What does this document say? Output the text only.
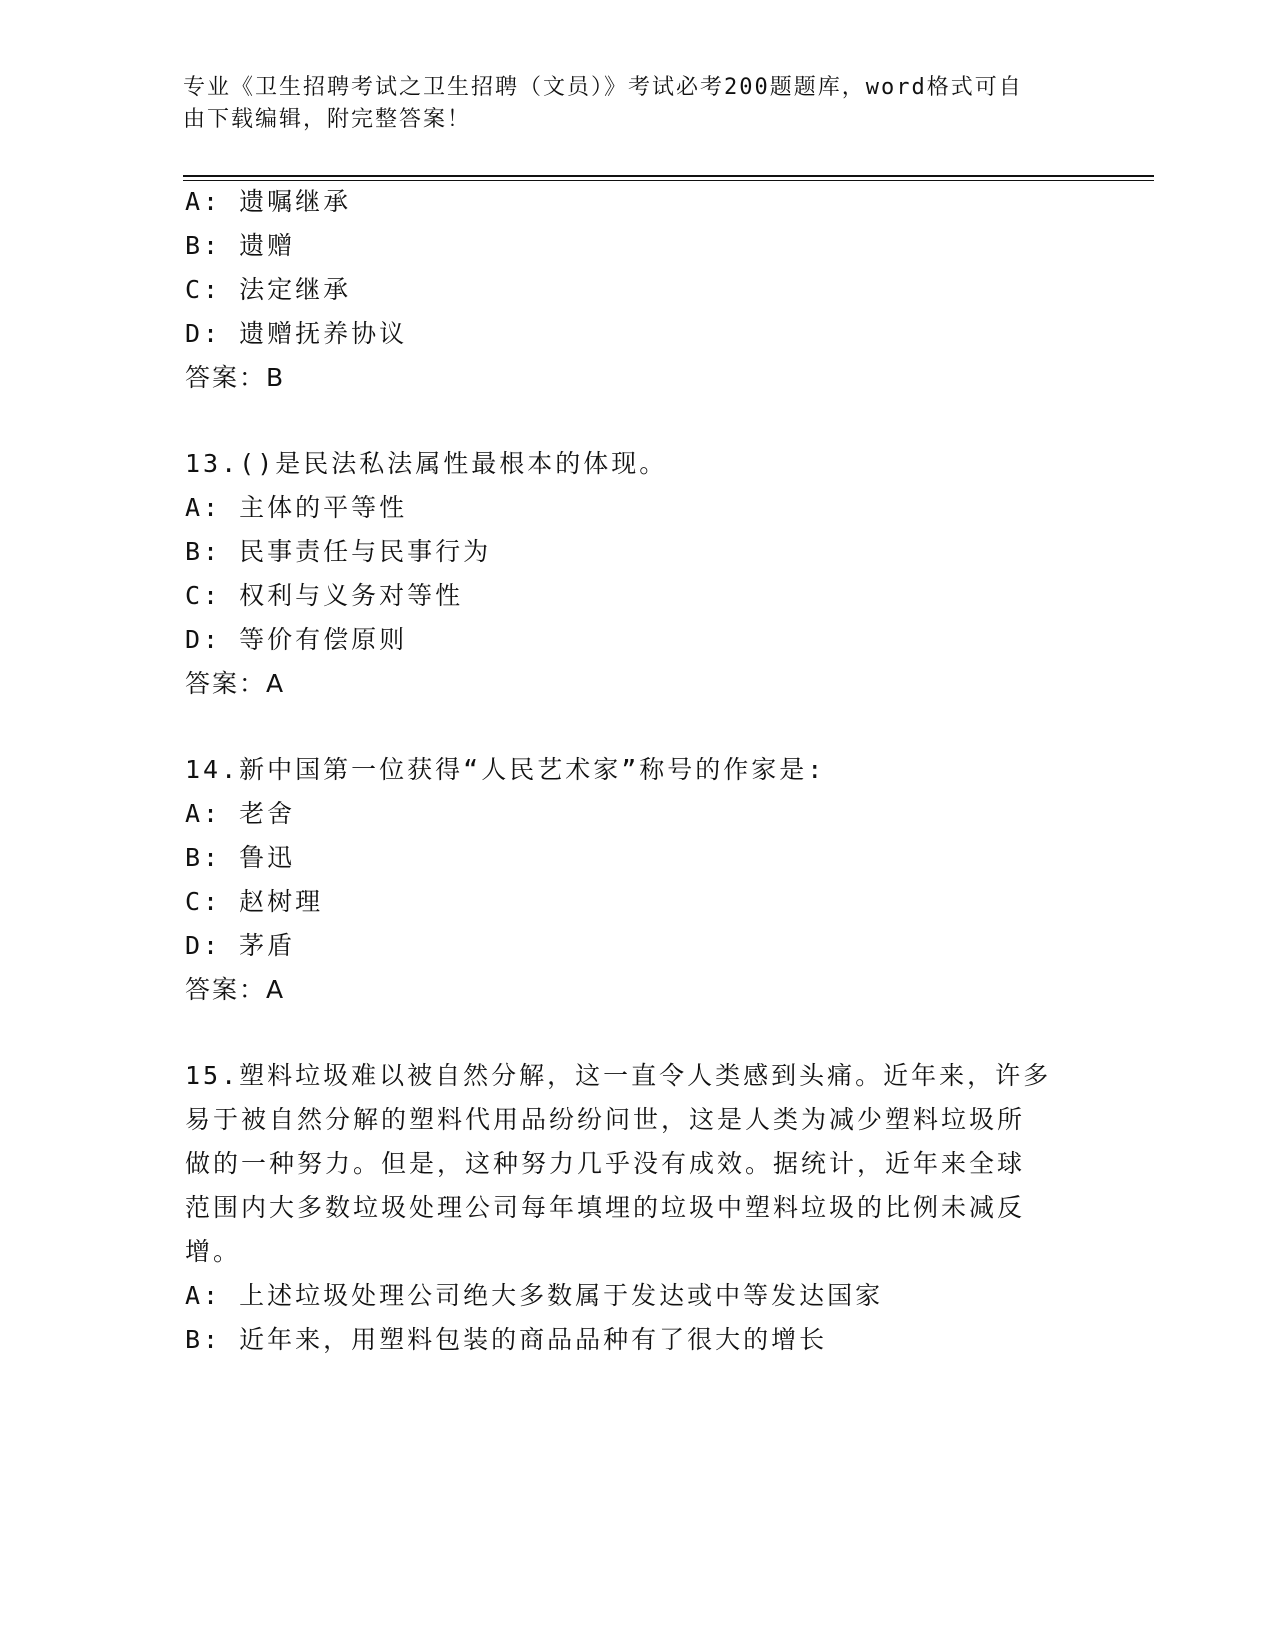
专业《卫生招聘考试之卫生招聘（文员）》考试必考200题题库，word格式可自
由下载编辑，附完整答案！
A: 遗嘱继承
B: 遗赠
C: 法定继承
D: 遗赠抚养协议
答案：B
13.()是民法私法属性最根本的体现。
A: 主体的平等性
B: 民事责任与民事行为
C: 权利与义务对等性
D: 等价有偿原则
答案：A
14.新中国第一位获得“人民艺术家”称号的作家是:
A: 老舍
B: 鲁迅
C: 赵树理
D: 茅盾
答案：A
15.塑料垃圾难以被自然分解，这一直令人类感到头痛。近年来，许多
易于被自然分解的塑料代用品纷纷问世，这是人类为减少塑料垃圾所
做的一种努力。但是，这种努力几乎没有成效。据统计，近年来全球
范围内大多数垃圾处理公司每年填埋的垃圾中塑料垃圾的比例未减反
增。
A: 上述垃圾处理公司绝大多数属于发达或中等发达国家
B: 近年来，用塑料包装的商品品种有了很大的增长
